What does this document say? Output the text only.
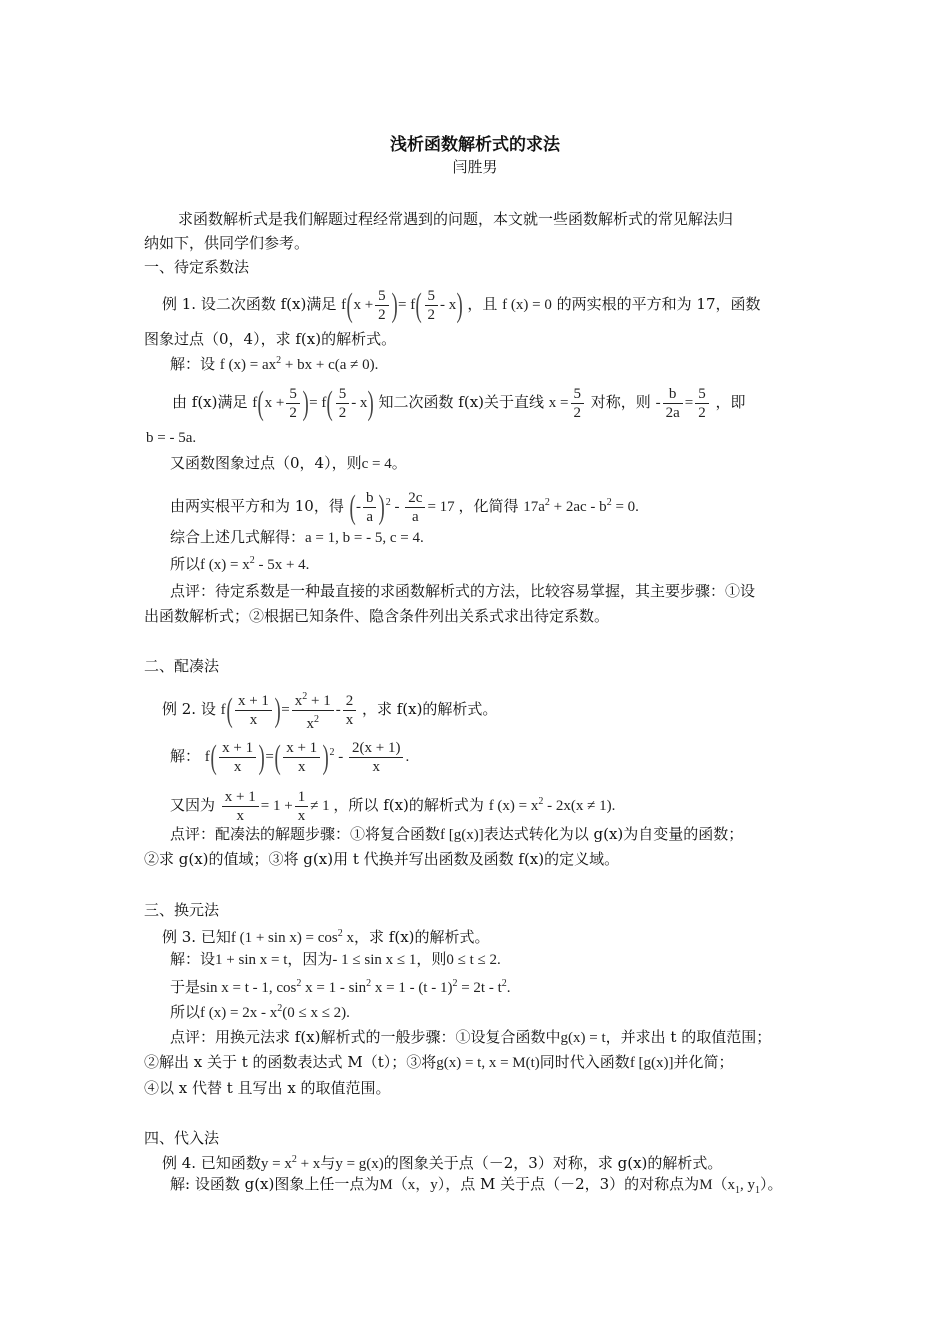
浅析函数解析式的求法
闫胜男
求函数解析式是我们解题过程经常遇到的问题，本文就一些函数解析式的常见解法归
纳如下，供同学们参考。
一、待定系数法
例 1. 设二次函数 f(x)满足 $f(x + \frac{5}{2}$ )= $f( \frac{5}{2} - x)$ ，且 f (x) = 0 的两实根的平方和为 17，函数
图象过点（0，4），求 f(x)的解析式。
解：设 f $(x) = ax^2$ + bx + c(a ≠ 0).
由 f(x)满足 $f(x + \frac{5}{2}$ )= $f( \frac{5}{2} - x)$ 知二次函数 f(x)关于直线 $x = \frac{5}{2}$ 对称，则 - $\frac{b}{2a} = \frac{5}{2}$ ，即
b = - 5a.
又函数图象过点（0，4），则c = 4。
由两实根平方和为 10，得 (- $\frac{b}{a} )^2 - \frac{2c}{a} = 17$ ，化简得 $17a^2 + 2ac - b^2 = 0$.
综合上述几式解得：a = 1, b = - 5, c = 4.
所以f $(x) = x^2 - 5x + 4$.
点评：待定系数是一种最直接的求函数解析式的方法，比较容易掌握，其主要步骤：①设
出函数解析式；②根据已知条件、隐含条件列出关系式求出待定系数。
二、配凑法
例 2. 设 $f( \frac{x + 1}{x}$ )= $\frac{x^2 + 1}{x^2} - \frac{2}{x}$ ，求 f(x)的解析式。
解： $f( \frac{x + 1}{x}$ )=( $\frac{x + 1}{x} )^2 - \frac{2(x + 1)}{x}$ .
又因为 $\frac{x + 1}{x} = 1 + \frac{1}{x} \ne 1$ ，所以 f(x)的解析式为 f $(x) = x^2 - 2x(x \ne 1)$.
点评：配凑法的解题步骤：①将复合函数f [g(x)]表达式转化为以 g(x)为自变量的函数；
②求 g(x)的值域；③将 g(x)用 t 代换并写出函数及函数 f(x)的定义域。
三、换元法
例 3. 已知f $(1 + \sin x) = \cos^2 x$，求 f(x)的解析式。
解：设1 + sin x = t，因为- 1 ≤ sin x ≤ 1，则0 ≤ t ≤ 2.
于是sin x = t - 1, $\cos^2 x = 1 - \sin^2 x = 1 - (t - 1)^2 = 2t - t^2$.
所以f $(x) = 2x - x^2(0 \le x \le 2)$.
点评：用换元法求 f(x)解析式的一般步骤：①设复合函数中g(x) = t，并求出 t 的取值范围；
②解出 x 关于 t 的函数表达式 M（t）；③将g(x) = t, x = M(t)同时代入函数f [g(x)]并化简；
④以 x 代替 t 且写出 x 的取值范围。
四、代入法
例 4. 已知函数$y = x^2 + x$与y = g(x)的图象关于点（－2，3）对称，求 g(x)的解析式。
解: 设函数 g(x)图象上任一点为M（x，y），点 M 关于点（－2，3）的对称点为$M(x_1$, $y_1$）。
